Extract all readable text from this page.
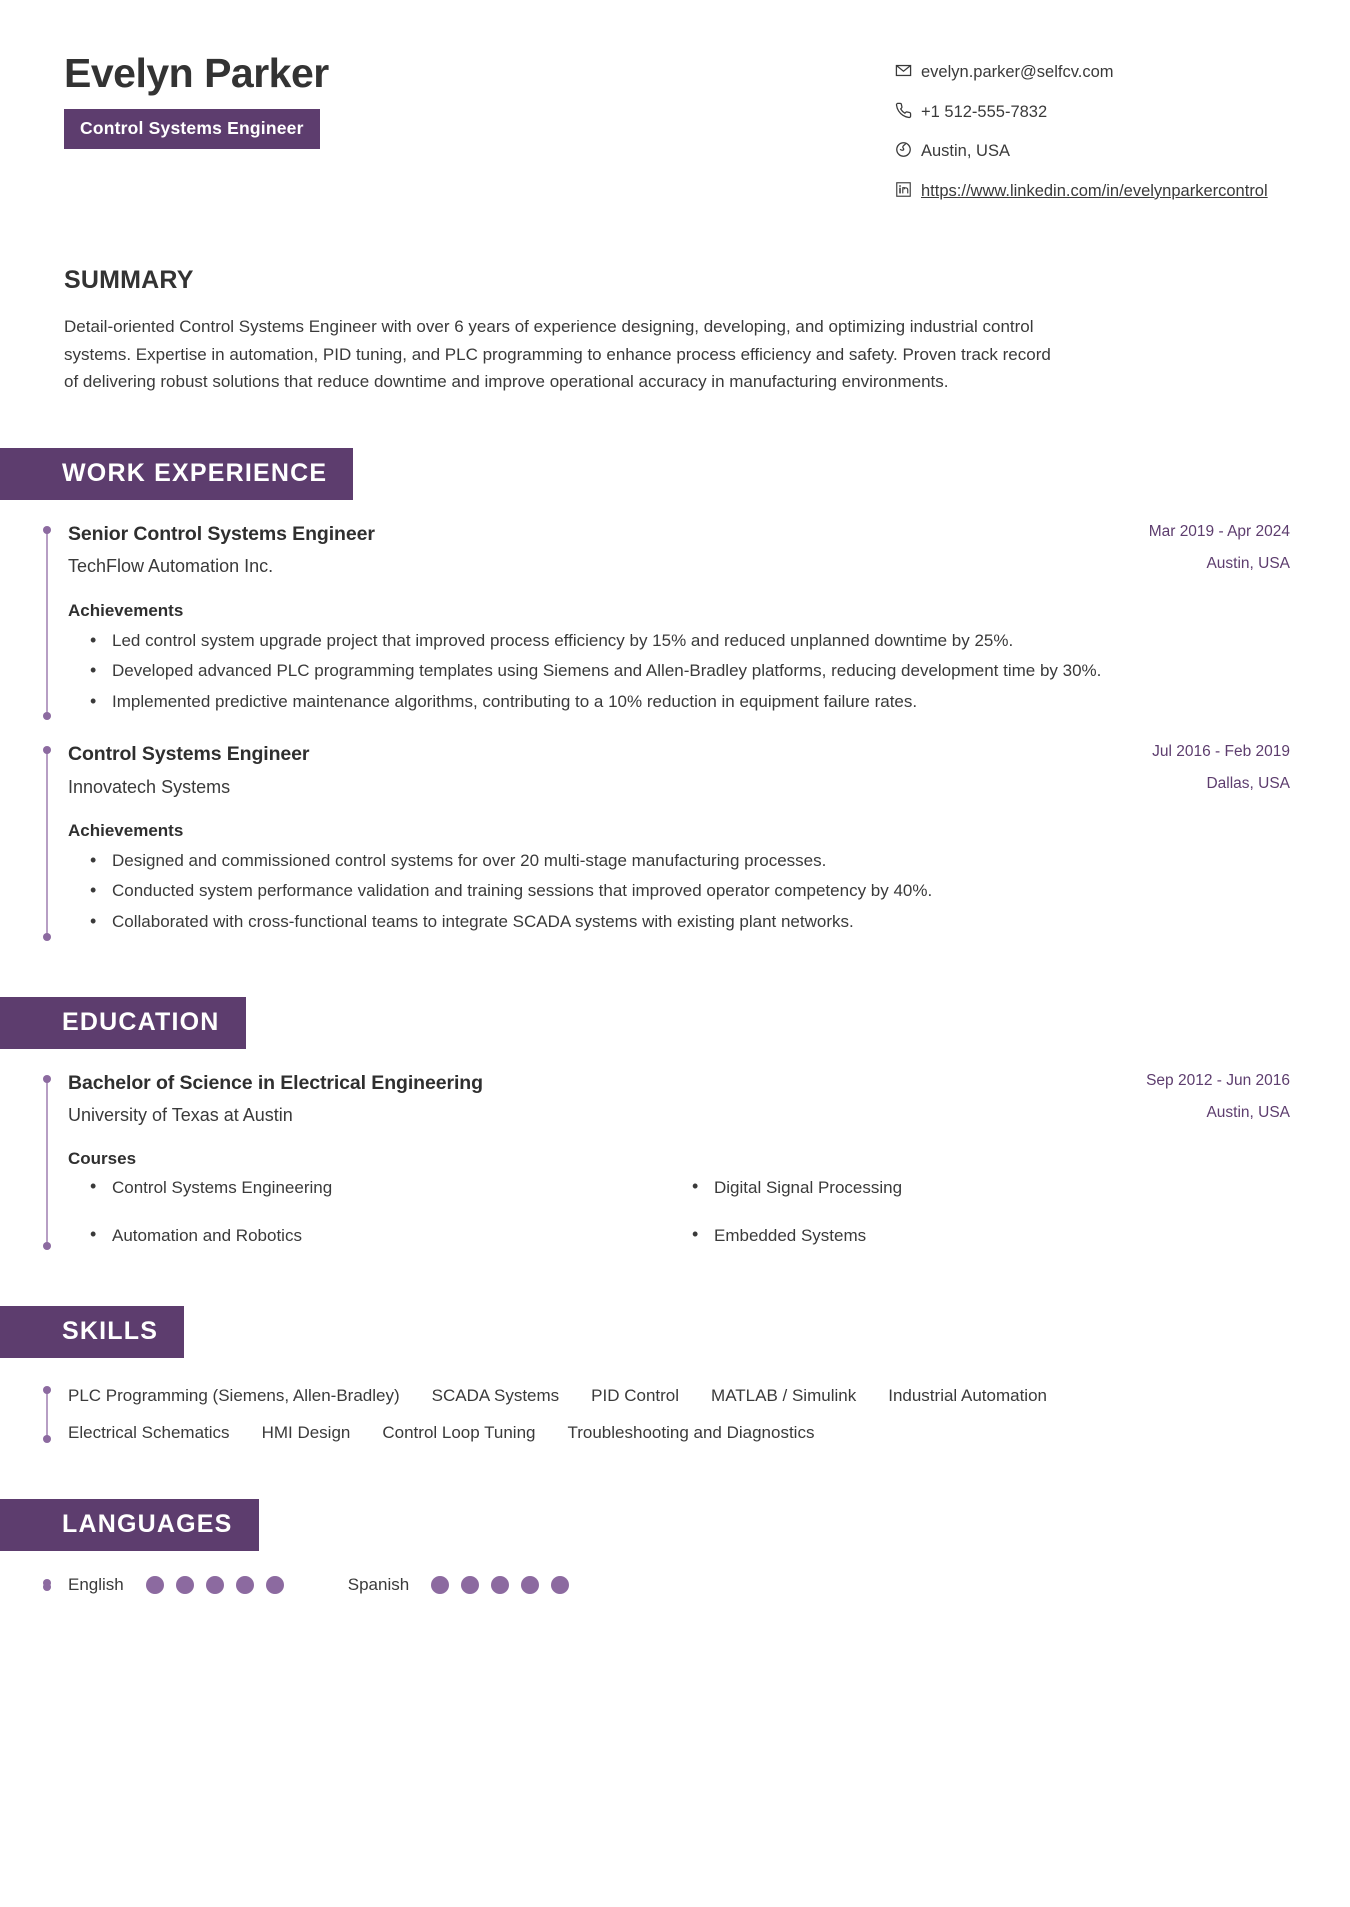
Evelyn Parker
Control Systems Engineer
evelyn.parker@selfcv.com
+1 512-555-7832
Austin, USA
https://www.linkedin.com/in/evelynparkercontrol
SUMMARY
Detail-oriented Control Systems Engineer with over 6 years of experience designing, developing, and optimizing industrial control systems. Expertise in automation, PID tuning, and PLC programming to enhance process efficiency and safety. Proven track record of delivering robust solutions that reduce downtime and improve operational accuracy in manufacturing environments.
WORK EXPERIENCE
Senior Control Systems Engineer
TechFlow Automation Inc.
Mar 2019 - Apr 2024
Austin, USA
Achievements
• Led control system upgrade project that improved process efficiency by 15% and reduced unplanned downtime by 25%.
• Developed advanced PLC programming templates using Siemens and Allen-Bradley platforms, reducing development time by 30%.
• Implemented predictive maintenance algorithms, contributing to a 10% reduction in equipment failure rates.
Control Systems Engineer
Innovatech Systems
Jul 2016 - Feb 2019
Dallas, USA
Achievements
• Designed and commissioned control systems for over 20 multi-stage manufacturing processes.
• Conducted system performance validation and training sessions that improved operator competency by 40%.
• Collaborated with cross-functional teams to integrate SCADA systems with existing plant networks.
EDUCATION
Bachelor of Science in Electrical Engineering
University of Texas at Austin
Sep 2012 - Jun 2016
Austin, USA
Courses
• Control Systems Engineering	• Digital Signal Processing
• Automation and Robotics	• Embedded Systems
SKILLS
PLC Programming (Siemens, Allen-Bradley) SCADA Systems PID Control MATLAB / Simulink Industrial Automation
Electrical Schematics HMI Design Control Loop Tuning Troubleshooting and Diagnostics
LANGUAGES
English	Spanish
